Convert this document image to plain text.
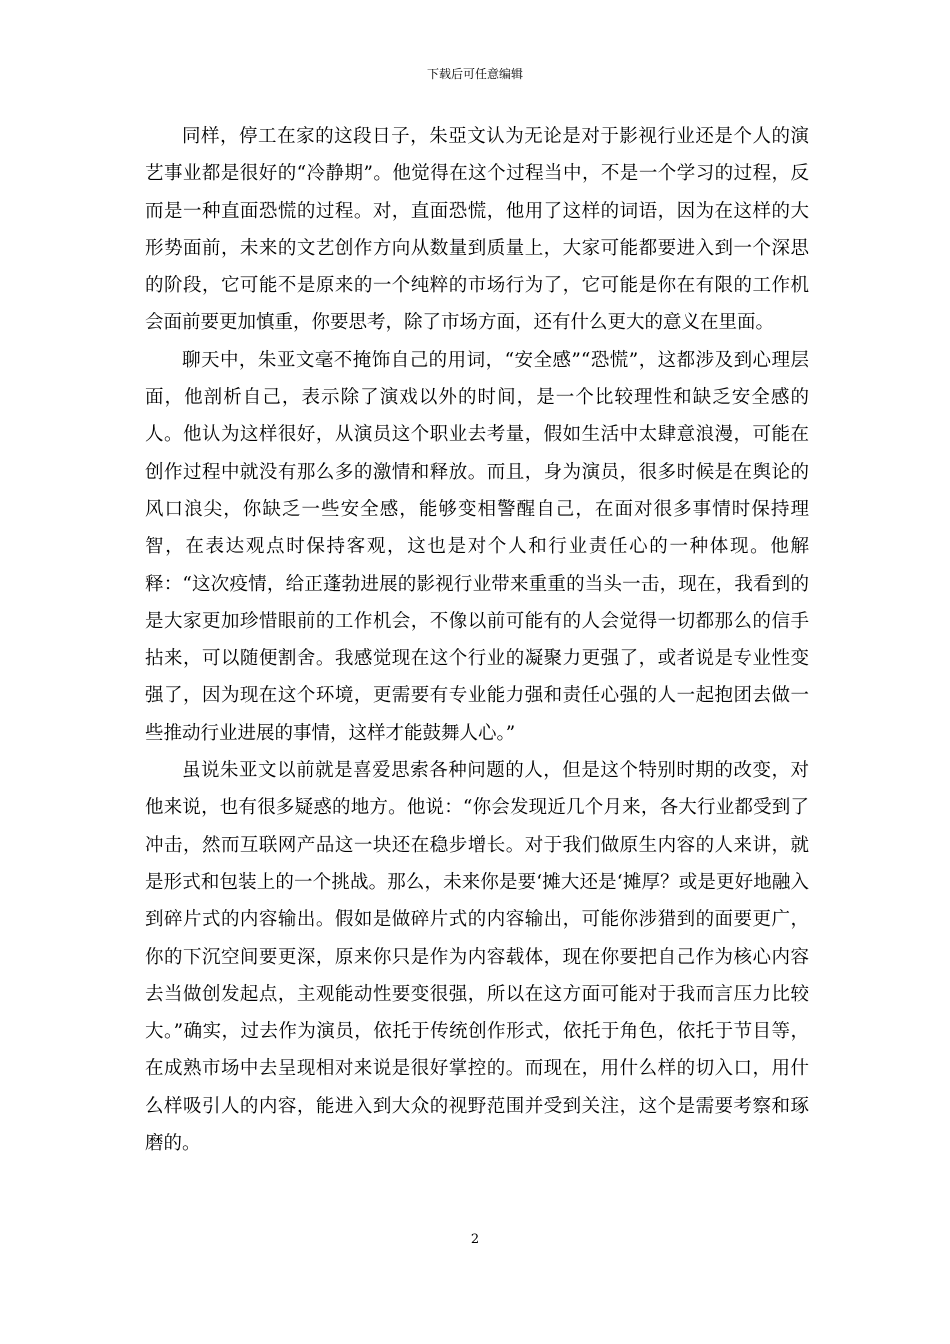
下载后可任意编辑

同样，停工在家的这段日子，朱亞文认为无论是对于影视行业还是个人的演艺事业都是很好的“冷静期”。他觉得在这个过程当中，不是一个学习的过程，反而是一种直面恐慌的过程。对，直面恐慌，他用了这样的词语，因为在这样的大形势面前，未来的文艺创作方向从数量到质量上，大家可能都要进入到一个深思的阶段，它可能不是原来的一个纯粹的市场行为了，它可能是你在有限的工作机会面前要更加慎重，你要思考，除了市场方面，还有什么更大的意义在里面。

聊天中，朱亚文毫不掩饰自己的用词，“安全感”“恐慌”，这都涉及到心理层面，他剖析自己，表示除了演戏以外的时间，是一个比较理性和缺乏安全感的人。他认为这样很好，从演员这个职业去考量，假如生活中太肆意浪漫，可能在创作过程中就没有那么多的激情和释放。而且，身为演员，很多时候是在舆论的风口浪尖，你缺乏一些安全感，能够变相警醒自己，在面对很多事情时保持理智，在表达观点时保持客观，这也是对个人和行业责任心的一种体现。他解释：“这次疫情，给正蓬勃进展的影视行业带来重重的当头一击，现在，我看到的是大家更加珍惜眼前的工作机会，不像以前可能有的人会觉得一切都那么的信手拈来，可以随便割舍。我感觉现在这个行业的凝聚力更强了，或者说是专业性变强了，因为现在这个环境，更需要有专业能力强和责任心强的人一起抱团去做一些推动行业进展的事情，这样才能鼓舞人心。”

虽说朱亚文以前就是喜爱思索各种问题的人，但是这个特别时期的改变，对他来说，也有很多疑惑的地方。他说：“你会发现近几个月来，各大行业都受到了冲击，然而互联网产品这一块还在稳步增长。对于我们做原生内容的人来讲，就是形式和包装上的一个挑战。那么，未来你是要‘摊大还是‘摊厚？或是更好地融入到碎片式的内容输出。假如是做碎片式的内容输出，可能你涉猎到的面要更广，你的下沉空间要更深，原来你只是作为内容载体，现在你要把自己作为核心内容去当做创发起点，主观能动性要变很强，所以在这方面可能对于我而言压力比较大。”确实，过去作为演员，依托于传统创作形式，依托于角色，依托于节目等，在成熟市场中去呈现相对来说是很好掌控的。而现在，用什么样的切入口，用什么样吸引人的内容，能进入到大众的视野范围并受到关注，这个是需要考察和琢磨的。

2
